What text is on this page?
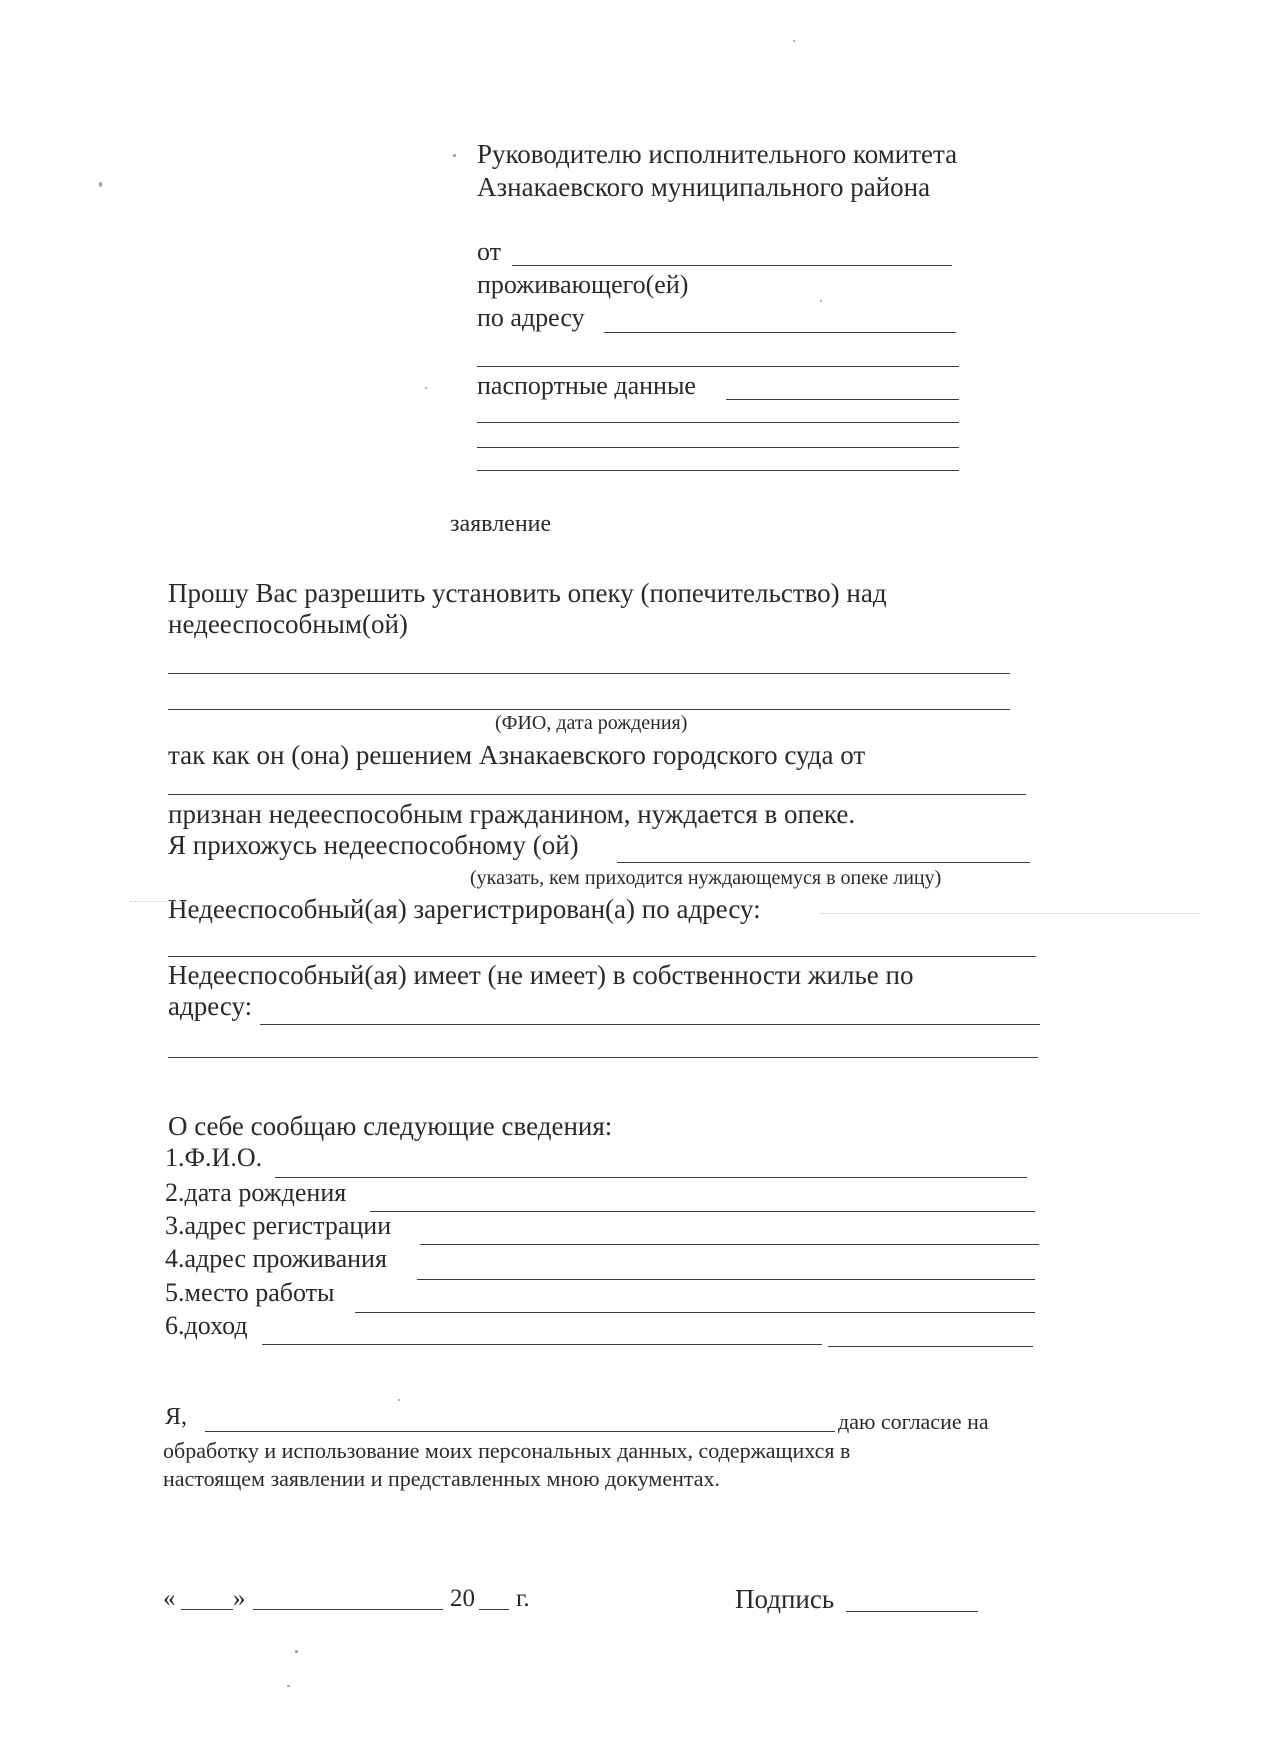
Руководителю исполнительного комитета
Азнакаевского муниципального района
от
проживающего(ей)
по адресу
паспортные данные
заявление
Прошу Вас разрешить установить опеку (попечительство) над
недееспособным(ой)
(ФИО, дата рождения)
так как он (она) решением Азнакаевского городского суда от
признан недееспособным гражданином, нуждается в опеке.
Я прихожусь недееспособному (ой)
(указать, кем приходится нуждающемуся в опеке лицу)
Недееспособный(ая) зарегистрирован(а) по адресу:
Недееспособный(ая) имеет (не имеет) в собственности жилье по
адресу:
О себе сообщаю следующие сведения:
1.Ф.И.О.
2.дата рождения
3.адрес регистрации
4.адрес проживания
5.место работы
6.доход
Я,	даю согласие на
обработку и использование моих персональных данных, содержащихся в
настоящем заявлении и представленных мною документах.
« »	20 г.	Подпись
